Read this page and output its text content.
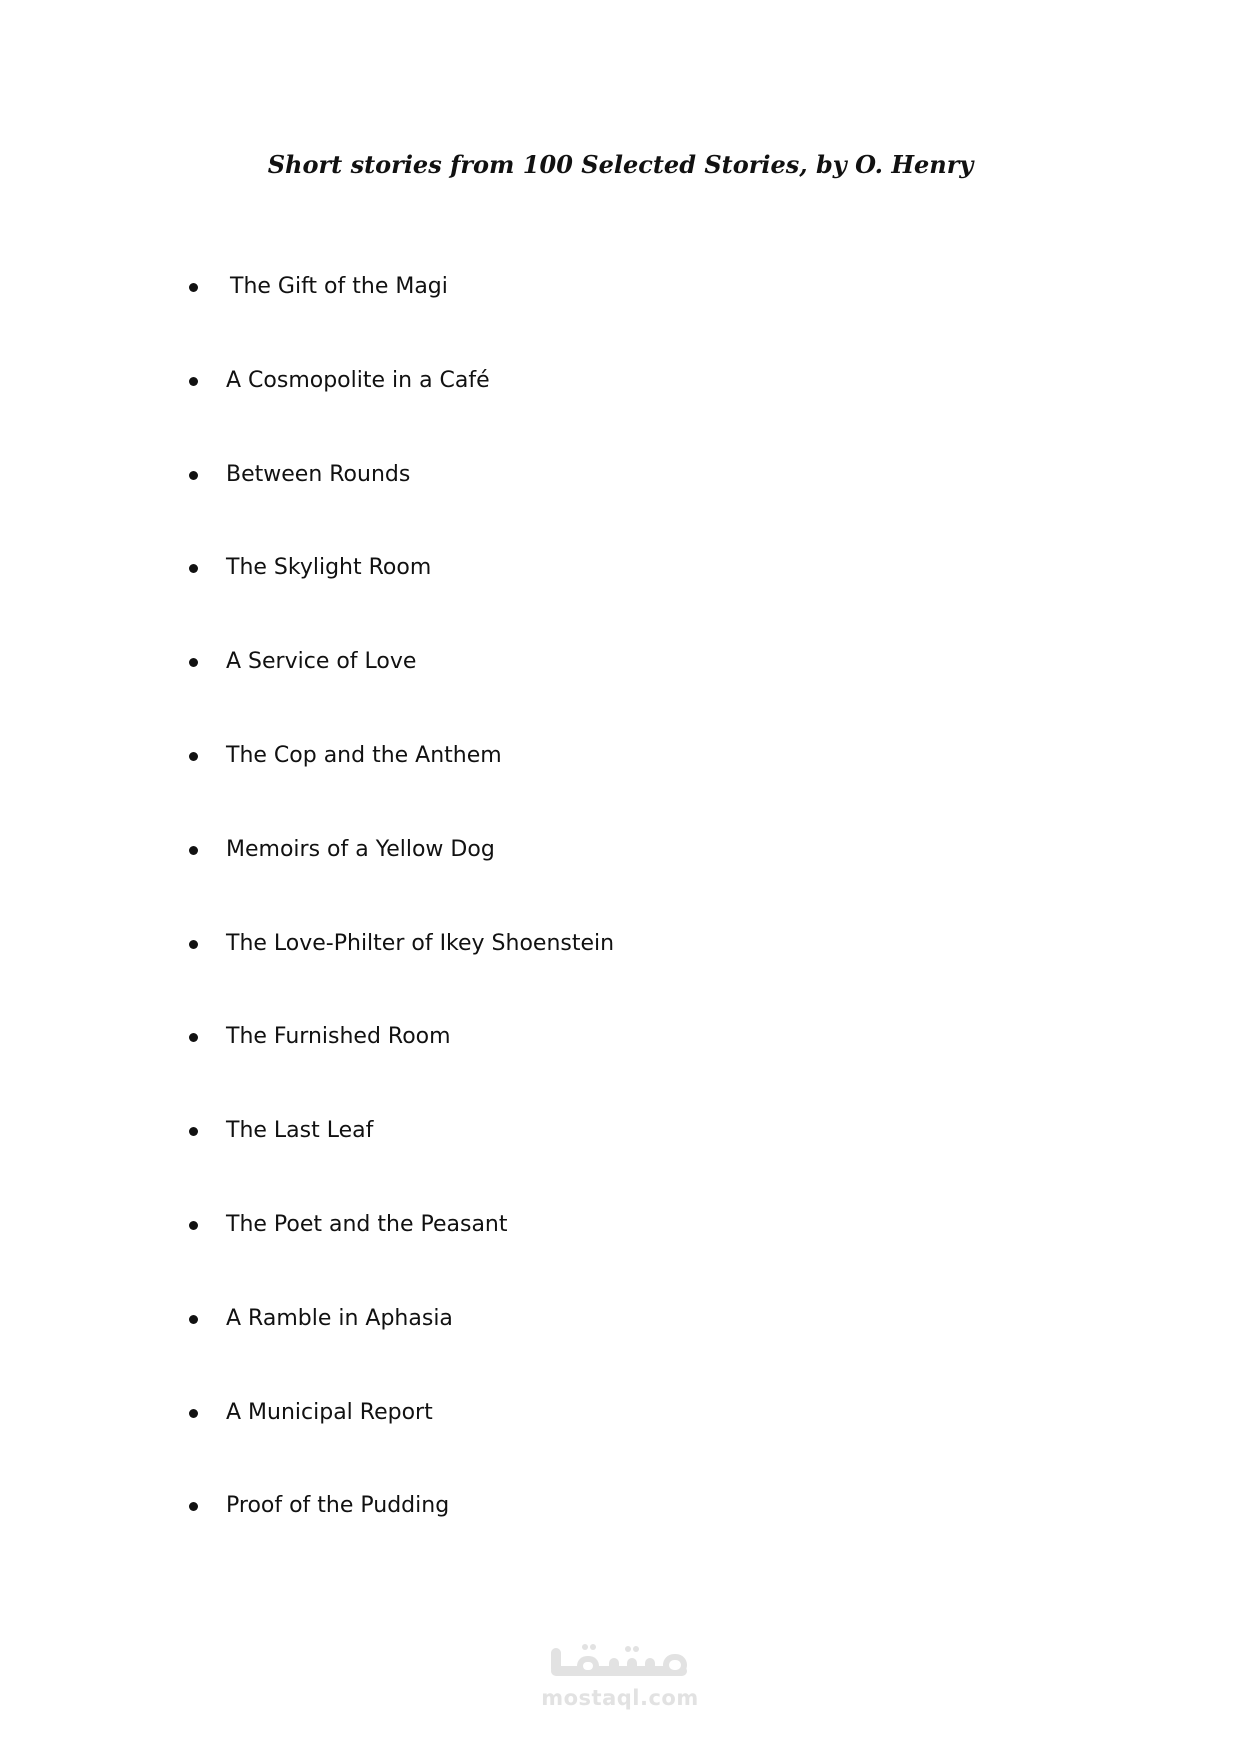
Short stories from 100 Selected Stories, by O. Henry
The Gift of the Magi
A Cosmopolite in a Café
Between Rounds
The Skylight Room
A Service of Love
The Cop and the Anthem
Memoirs of a Yellow Dog
The Love-Philter of Ikey Shoenstein
The Furnished Room
The Last Leaf
The Poet and the Peasant
A Ramble in Aphasia
A Municipal Report
Proof of the Pudding
mostaql.com
